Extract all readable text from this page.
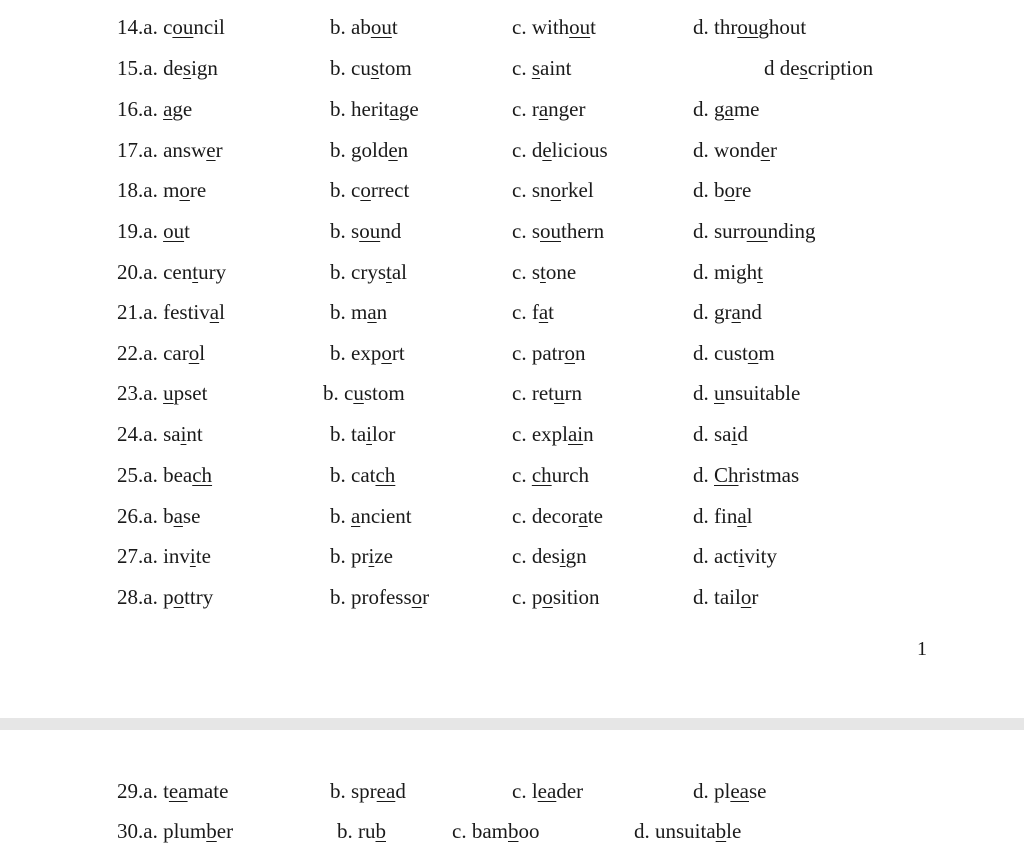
14.a. council	b. about	c. without	d. throughout
15.a. design	b. custom	c. saint	d description
16.a. age	b. heritage	c. ranger	d. game
17.a. answer	b. golden	c. delicious	d. wonder
18.a. more	b. correct	c. snorkel	d. bore
19.a. out	b. sound	c. southern	d. surrounding
20.a. century	b. crystal	c. stone	d. might
21.a. festival	b. man	c. fat	d. grand
22.a. carol	b. export	c. patron	d. custom
23.a. upset	b. custom	c. return	d. unsuitable
24.a. saint	b. tailor	c. explain	d. said
25.a. beach	b. catch	c. church	d. Christmas
26.a. base	b. ancient	c. decorate	d. final
27.a. invite	b. prize	c. design	d. activity
28.a. pottry	b. professor	c. position	d. tailor
1
29.a. teamate	b. spread	c. leader	d. please
30.a. plumber	b. rub	c. bamboo	d. unsuitable
